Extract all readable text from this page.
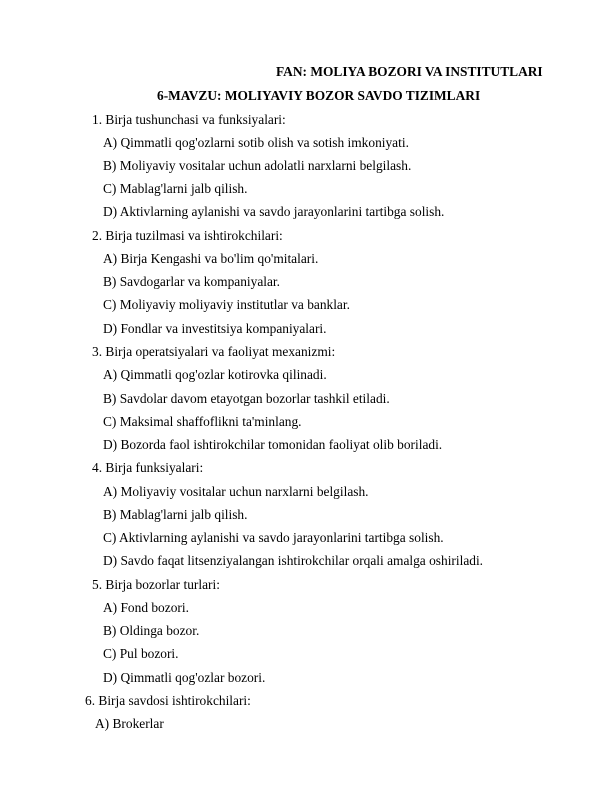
FAN: MOLIYA BOZORI VA INSTITUTLARI
6-MAVZU: MOLIYAVIY BOZOR SAVDO TIZIMLARI
1. Birja tushunchasi va funksiyalari:
A) Qimmatli qog'ozlarni sotib olish va sotish imkoniyati.
B) Moliyaviy vositalar uchun adolatli narxlarni belgilash.
C) Mablag'larni jalb qilish.
D) Aktivlarning aylanishi va savdo jarayonlarini tartibga solish.
2. Birja tuzilmasi va ishtirokchilari:
A) Birja Kengashi va bo'lim qo'mitalari.
B) Savdogarlar va kompaniyalar.
C) Moliyaviy moliyaviy institutlar va banklar.
D) Fondlar va investitsiya kompaniyalari.
3. Birja operatsiyalari va faoliyat mexanizmi:
A) Qimmatli qog'ozlar kotirovka qilinadi.
B) Savdolar davom etayotgan bozorlar tashkil etiladi.
C) Maksimal shaffoflikni ta'minlang.
D) Bozorda faol ishtirokchilar tomonidan faoliyat olib boriladi.
4. Birja funksiyalari:
A) Moliyaviy vositalar uchun narxlarni belgilash.
B) Mablag'larni jalb qilish.
C) Aktivlarning aylanishi va savdo jarayonlarini tartibga solish.
D) Savdo faqat litsenziyalangan ishtirokchilar orqali amalga oshiriladi.
5. Birja bozorlar turlari:
A) Fond bozori.
B) Oldinga bozor.
C) Pul bozori.
D) Qimmatli qog'ozlar bozori.
6. Birja savdosi ishtirokchilari:
A) Brokerlar
